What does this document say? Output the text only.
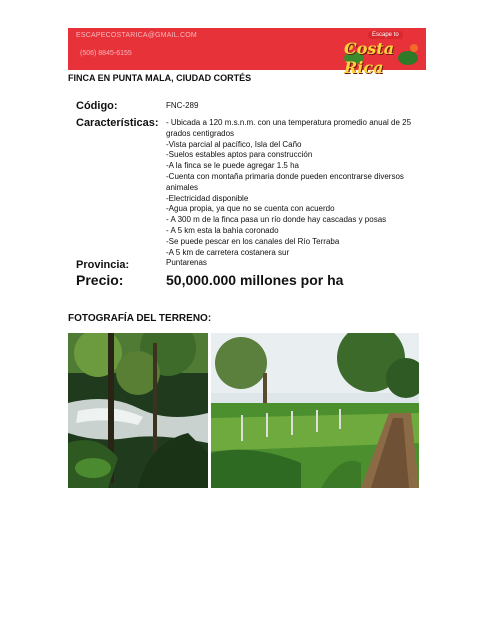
ESCAPECOSTARICA@GMAIL.COM
(506) 8845-6155
Escape to
Costa Rica
FINCA EN PUNTA MALA, CIUDAD CORTÉS
Código:	FNC-289
Características: - Ubicada a 120 m.s.n.m. con una temperatura promedio anual de 25 grados centigrados
-Vista parcial al pacífico, Isla del Caño
-Suelos estables aptos para construcción
-A la finca se le puede agregar 1.5 ha
-Cuenta con montaña primaria donde pueden encontrarse diversos animales
-Electricidad disponible
-Agua propia, ya que no se cuenta con acuerdo
- A 300 m de la finca pasa un río donde hay cascadas y posas
- A 5 km esta la bahía coronado
-Se puede pescar en los canales del Río Terraba
-A 5 km de carretera costanera sur
Provincia:	Puntarenas
Precio:	50,000.000 millones por ha
FOTOGRAFÍA DEL TERRENO:
